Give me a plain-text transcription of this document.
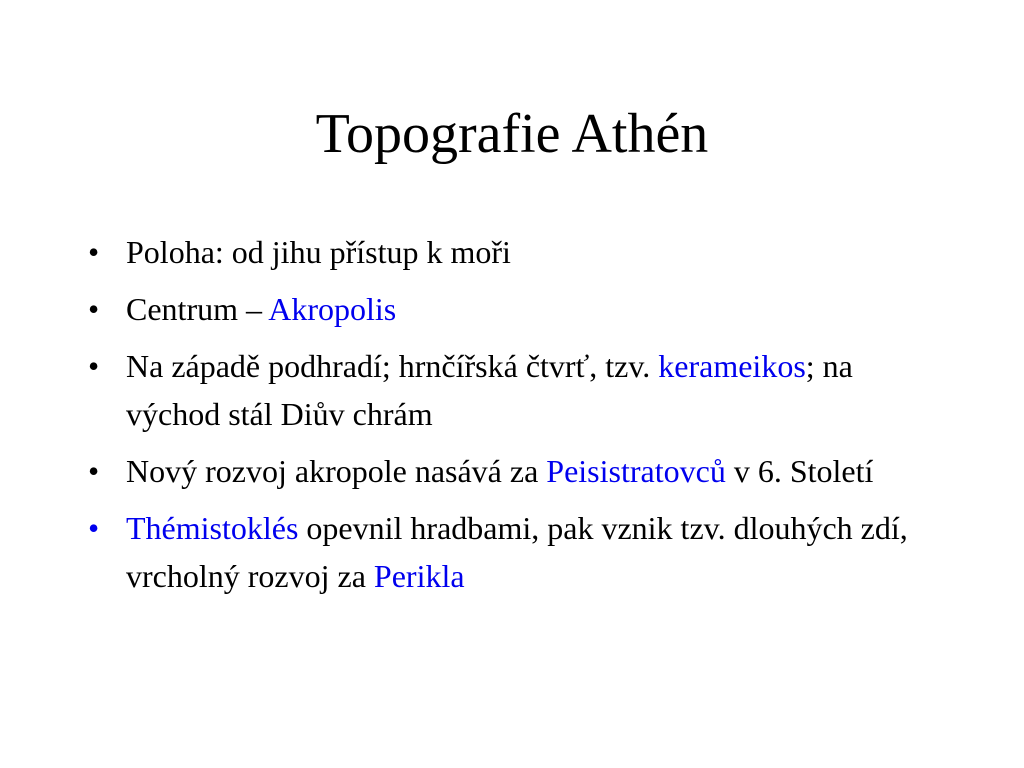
Topografie Athén
• Poloha: od jihu přístup k moři
• Centrum – Akropolis
• Na západě podhradí; hrnčířská čtvrť, tzv. kerameikos; na východ stál Diův chrám
• Nový rozvoj akropole nasává za Peisistratovců v 6. Století
• Thémistoklés opevnil hradbami, pak vznik tzv. dlouhých zdí, vrcholný rozvoj za Perikla
